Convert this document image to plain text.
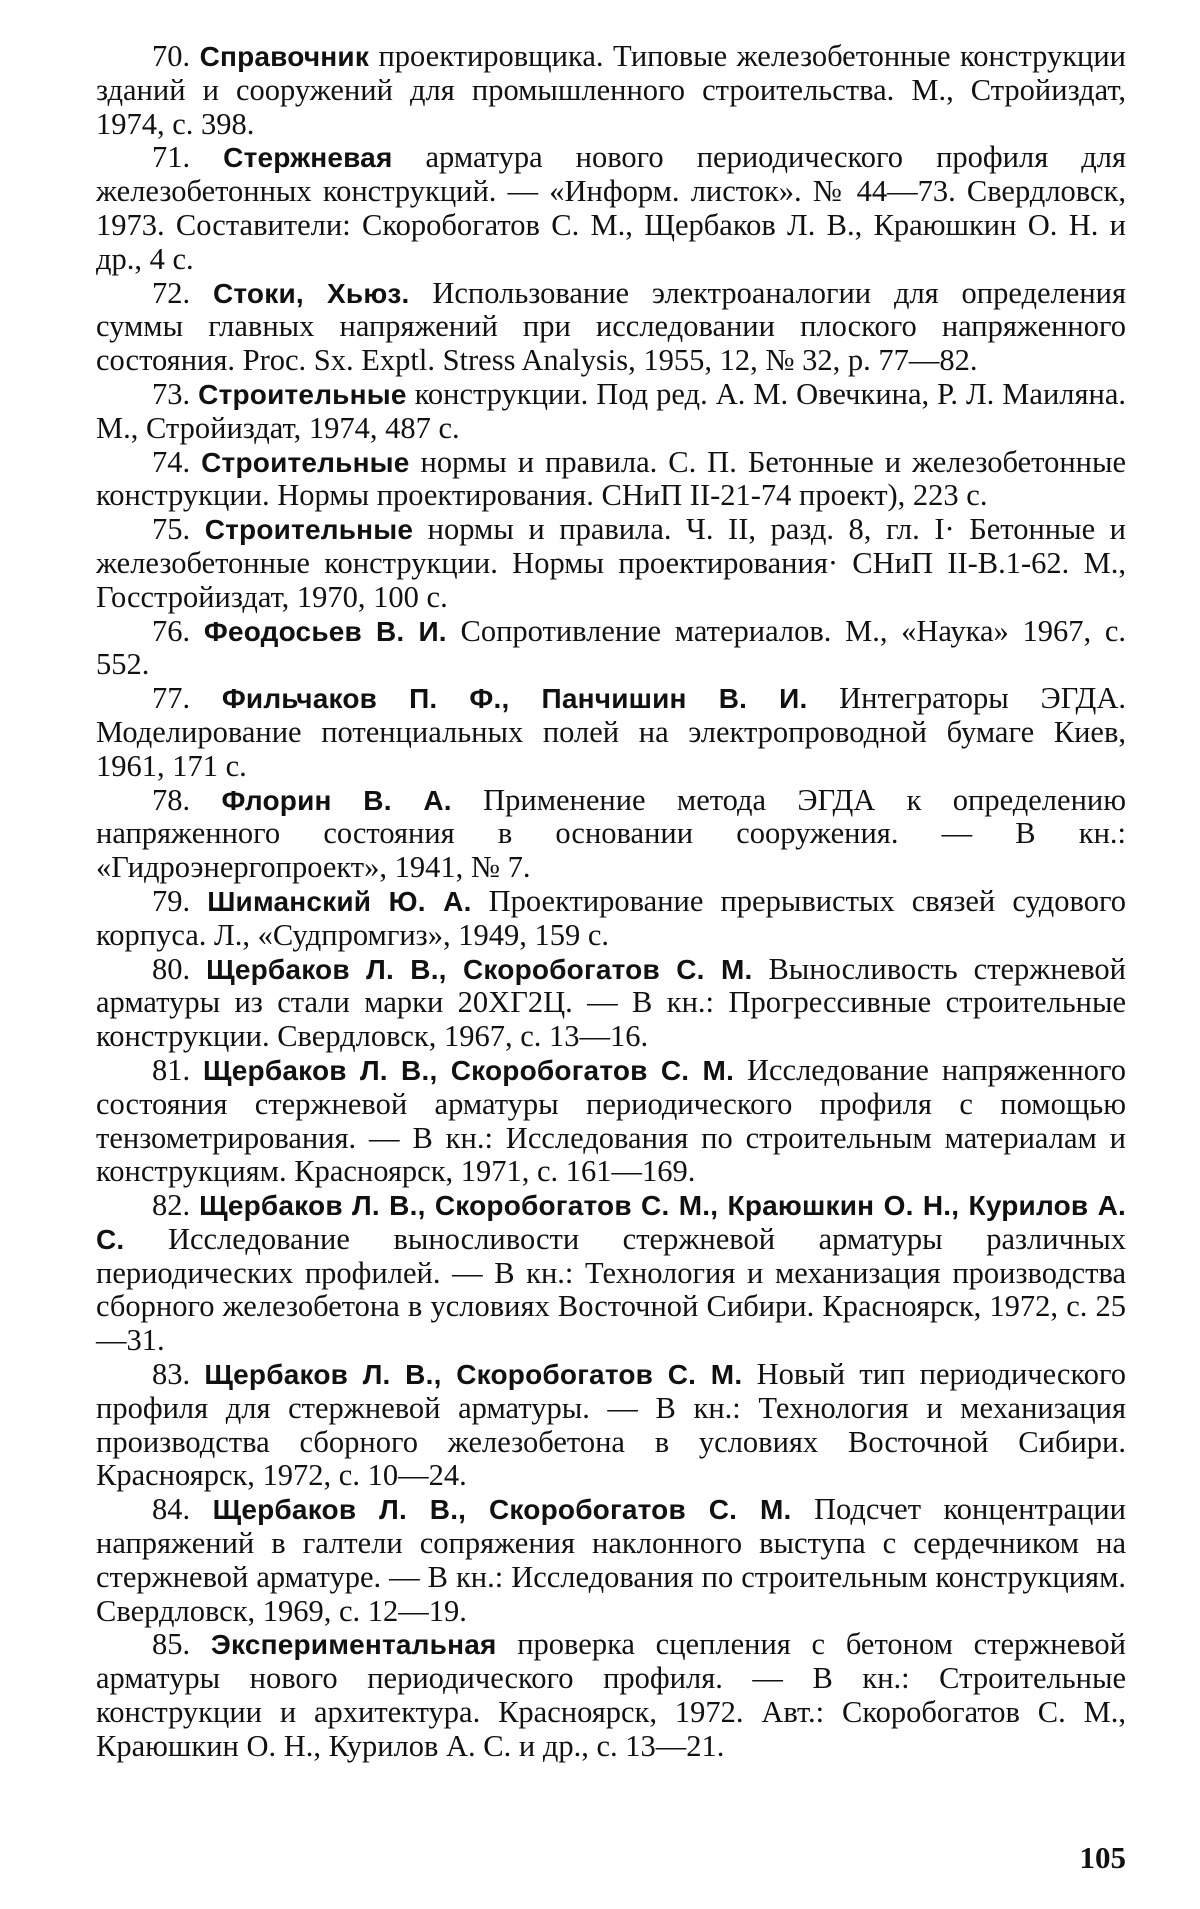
70. Справочник проектировщика. Типовые железобетонные конструкции зданий и сооружений для промышленного строительства. М., Стройиздат, 1974, с. 398.

71. Стержневая арматура нового периодического профиля для железобетонных конструкций. — «Информ. листок». № 44—73. Свердловск, 1973. Составители: Скоробогатов С. М., Щербаков Л. В., Краюшкин О. Н. и др., 4 с.

72. Стоки, Хьюз. Использование электроаналогии для определения суммы главных напряжений при исследовании плоского напряженного состояния. Proc. Sx. Exptl. Stress Analysis, 1955, 12, № 32, p. 77—82.

73. Строительные конструкции. Под ред. А. М. Овечкина, Р. Л. Маиляна. М., Стройиздат, 1974, 487 с.

74. Строительные нормы и правила. С. П. Бетонные и железобетонные конструкции. Нормы проектирования. СНиП II-21-74 проект), 223 с.

75. Строительные нормы и правила. Ч. II, разд. 8, гл. I· Бетонные и железобетонные конструкции. Нормы проектирования· СНиП II-В.1-62. М., Госстройиздат, 1970, 100 с.

76. Феодосьев В. И. Сопротивление материалов. М., «Наука» 1967, с. 552.

77. Фильчаков П. Ф., Панчишин В. И. Интеграторы ЭГДА. Моделирование потенциальных полей на электропроводной бумаге Киев, 1961, 171 с.

78. Флорин В. А. Применение метода ЭГДА к определению напряженного состояния в основании сооружения. — В кн.: «Гидроэнергопроект», 1941, № 7.

79. Шиманский Ю. А. Проектирование прерывистых связей судового корпуса. Л., «Судпромгиз», 1949, 159 с.

80. Щербаков Л. В., Скоробогатов С. М. Выносливость стержневой арматуры из стали марки 20ХГ2Ц. — В кн.: Прогрессивные строительные конструкции. Свердловск, 1967, с. 13—16.

81. Щербаков Л. В., Скоробогатов С. М. Исследование напряженного состояния стержневой арматуры периодического профиля с помощью тензометрирования. — В кн.: Исследования по строительным материалам и конструкциям. Красноярск, 1971, с. 161—169.

82. Щербаков Л. В., Скоробогатов С. М., Краюшкин О. Н., Курилов А. С. Исследование выносливости стержневой арматуры различных периодических профилей. — В кн.: Технология и механизация производства сборного железобетона в условиях Восточной Сибири. Красноярск, 1972, с. 25—31.

83. Щербаков Л. В., Скоробогатов С. М. Новый тип периодического профиля для стержневой арматуры. — В кн.: Технология и механизация производства сборного железобетона в условиях Восточной Сибири. Красноярск, 1972, с. 10—24.

84. Щербаков Л. В., Скоробогатов С. М. Подсчет концентрации напряжений в галтели сопряжения наклонного выступа с сердечником на стержневой арматуре. — В кн.: Исследования по строительным конструкциям. Свердловск, 1969, с. 12—19.

85. Экспериментальная проверка сцепления с бетоном стержневой арматуры нового периодического профиля. — В кн.: Строительные конструкции и архитектура. Красноярск, 1972. Авт.: Скоробогатов С. М., Краюшкин О. Н., Курилов А. С. и др., с. 13—21.

105
